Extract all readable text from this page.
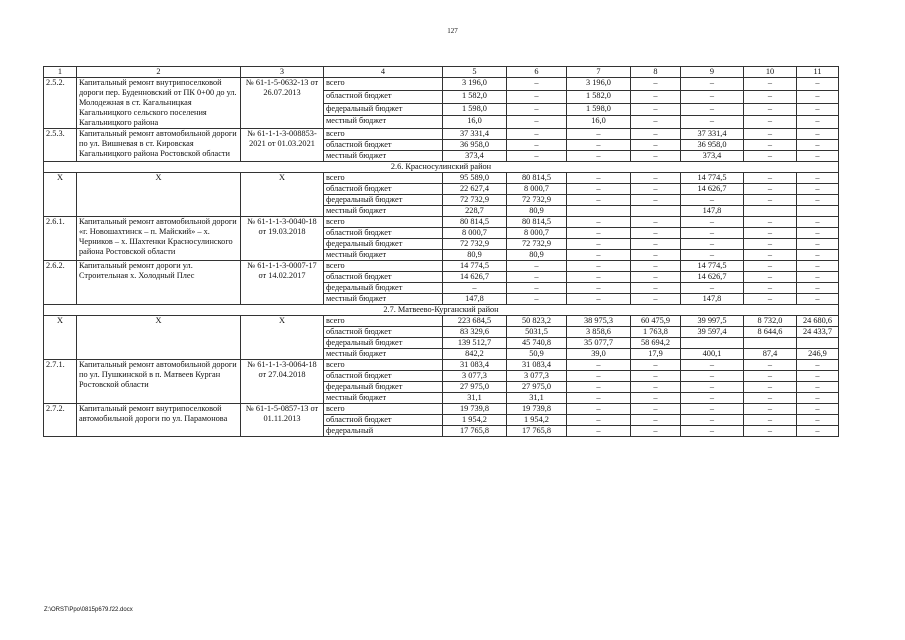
127
1	2	3	4	5	6	7	8	9	10	11
2.5.2.	Капитальный ремонт внутрипоселковой дороги пер. Буденновский от ПК 0+00 до ул. Молодежная в ст. Кагальницкая Кагальницкого сельского поселения Кагальницкого района	№ 61-1-5-0632-13 от 26.07.2013	всего	3 196,0	–	3 196,0	–	–	–	–
			областной бюджет	1 582,0	–	1 582,0	–	–	–	–
			федеральный бюджет	1 598,0	–	1 598,0	–	–	–	–
			местный бюджет	16,0	–	16,0	–	–	–	–
2.5.3.	Капитальный ремонт автомобильной дороги по ул. Вишневая в ст. Кировская Кагальницкого района Ростовской области	№ 61-1-1-3-008853-2021 от 01.03.2021	всего	37 331,4	–	–	–	37 331,4	–	–
			областной бюджет	36 958,0	–	–	–	36 958,0	–	–
			местный бюджет	373,4	–	–	–	373,4	–	–
2.6. Красносулинский район										
Х	Х	Х	всего	95 589,0	80 814,5	–	–	14 774,5	–	–
			областной бюджет	22 627,4	8 000,7	–	–	14 626,7	–	–
			федеральный бюджет	72 732,9	72 732,9	–	–	–	–	–
			местный бюджет	228,7	80,9			147,8		
2.6.1.	Капитальный ремонт автомобильной дороги «г. Новошахтинск – п. Майский» – х. Черников – х. Шахтенки Красносулинского района Ростовской области	№ 61-1-1-3-0040-18 от 19.03.2018	всего	80 814,5	80 814,5	–	–	–	–	–
			областной бюджет	8 000,7	8 000,7	–	–	–	–	–
			федеральный бюджет	72 732,9	72 732,9	–	–	–	–	–
			местный бюджет	80,9	80,9	–	–	–	–	–
2.6.2.	Капитальный ремонт дороги ул. Строительная х. Холодный Плес	№ 61-1-1-3-0007-17 от 14.02.2017	всего	14 774,5	–	–	–	14 774,5	–	–
			областной бюджет	14 626,7	–	–	–	14 626,7	–	–
			федеральный бюджет	–	–	–	–	–	–	–
			местный бюджет	147,8	–	–	–	147,8	–	–
2.7. Матвеево-Курганский район										
Х	Х	Х	всего	223 684,5	50 823,2	38 975,3	60 475,9	39 997,5	8 732,0	24 680,6
			областной бюджет	83 329,6	5031,5	3 858,6	1 763,8	39 597,4	8 644,6	24 433,7
			федеральный бюджет	139 512,7	45 740,8	35 077,7	58 694,2			
			местный бюджет	842,2	50,9	39,0	17,9	400,1	87,4	246,9
2.7.1.	Капитальный ремонт автомобильной дороги по ул. Пушкинской в п. Матвеев Курган Ростовской области	№ 61-1-1-3-0064-18 от 27.04.2018	всего	31 083,4	31 083,4	–	–	–	–	–
			областной бюджет	3 077,3	3 077,3	–	–	–	–	–
			федеральный бюджет	27 975,0	27 975,0	–	–	–	–	–
			местный бюджет	31,1	31,1	–	–	–	–	–
2.7.2.	Капитальный ремонт внутрипоселковой автомобильной дороги по ул. Парамонова	№ 61-1-5-0857-13 от 01.11.2013	всего	19 739,8	19 739,8	–	–	–	–	–
			областной бюджет	1 954,2	1 954,2	–	–	–	–	–
			федеральный	17 765,8	17 765,8	–	–	–	–	–
Z:\ORST\Ppo\0815p679.f22.docx
